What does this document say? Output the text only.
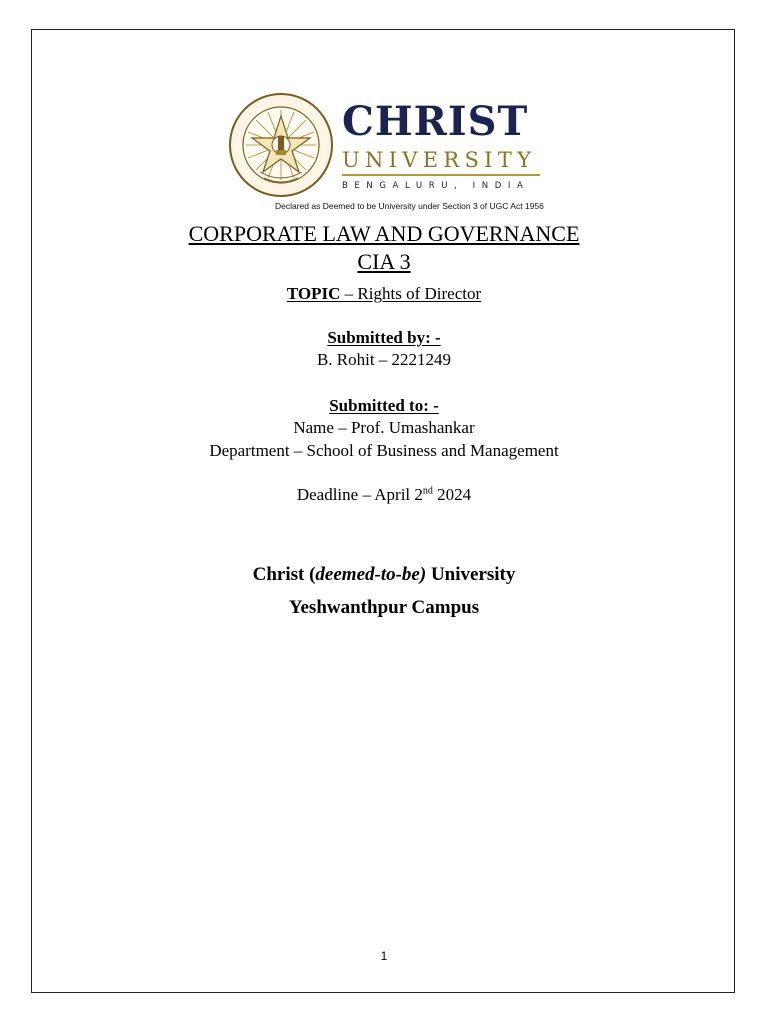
CHRIST
UNIVERSITY
BENGALURU, INDIA
Declared as Deemed to be University under Section 3 of UGC Act 1956
CORPORATE LAW AND GOVERNANCE
CIA 3
TOPIC – Rights of Director
Submitted by: -
B. Rohit – 2221249
Submitted to: -
Name – Prof. Umashankar
Department – School of Business and Management
Deadline – April 2nd 2024
Christ (deemed-to-be) University
Yeshwanthpur Campus
1
